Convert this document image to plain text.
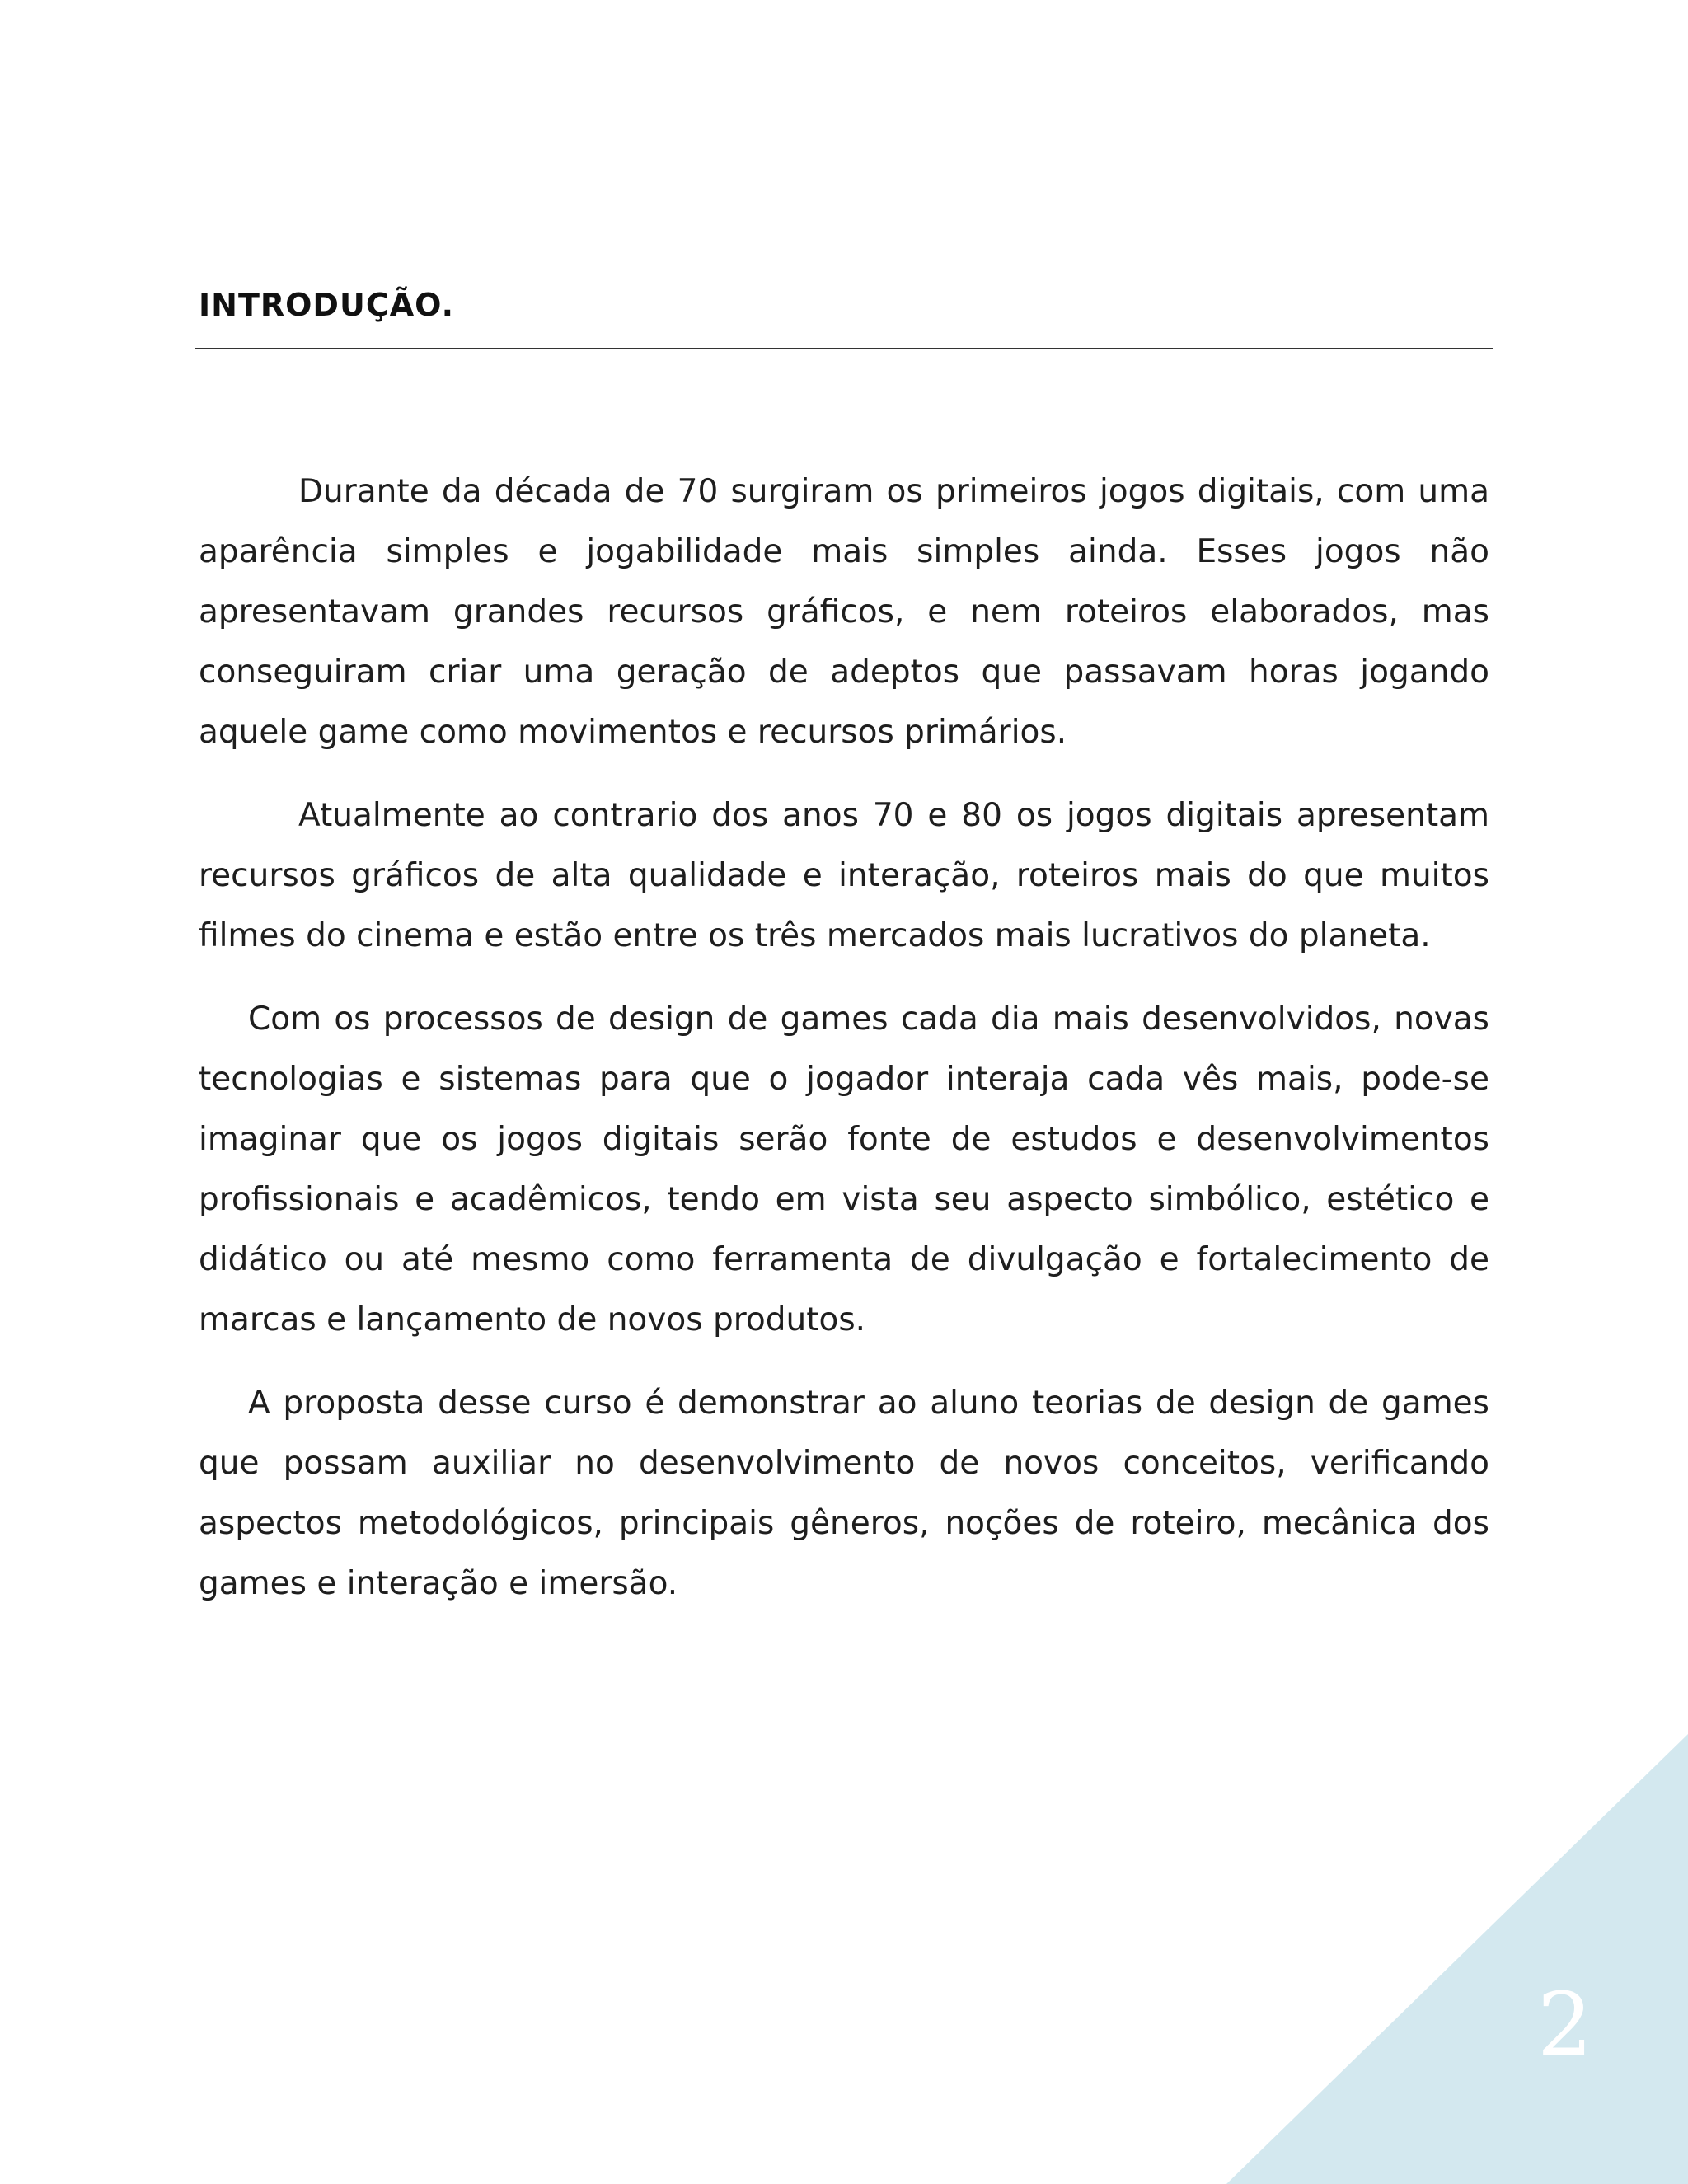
INTRODUÇÃO.

Durante da década de 70 surgiram os primeiros jogos digitais, com uma aparência simples e jogabilidade mais simples ainda. Esses jogos não apresentavam grandes recursos gráficos, e nem roteiros elaborados, mas conseguiram criar uma geração de adeptos que passavam horas jogando aquele game como movimentos e recursos primários.

Atualmente ao contrario dos anos 70 e 80 os jogos digitais apresentam recursos gráficos de alta qualidade e interação, roteiros mais do que muitos filmes do cinema e estão entre os três mercados mais lucrativos do planeta.

Com os processos de design de games cada dia mais desenvolvidos, novas tecnologias e sistemas para que o jogador interaja cada vês mais, pode-se imaginar que os jogos digitais serão fonte de estudos e desenvolvimentos profissionais e acadêmicos, tendo em vista seu aspecto simbólico, estético e didático ou até mesmo como ferramenta de divulgação e fortalecimento de marcas e lançamento de novos produtos.

A proposta desse curso é demonstrar ao aluno teorias de design de games que possam auxiliar no desenvolvimento de novos conceitos, verificando aspectos metodológicos, principais gêneros, noções de roteiro, mecânica dos games e interação e imersão.

2
